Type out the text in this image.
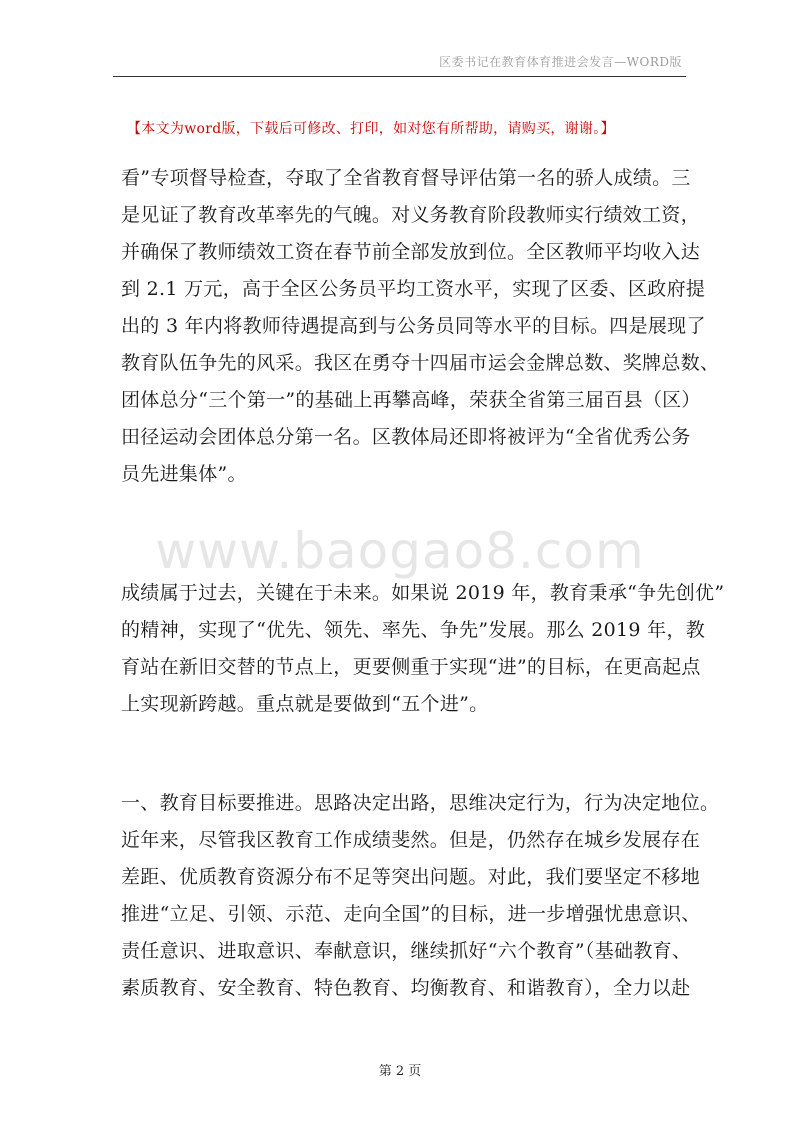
区委书记在教育体育推进会发言—WORD版
【本文为word版，下载后可修改、打印，如对您有所帮助，请购买，谢谢。】
看”专项督导检查，夺取了全省教育督导评估第一名的骄人成绩。三
是见证了教育改革率先的气魄。对义务教育阶段教师实行绩效工资，
并确保了教师绩效工资在春节前全部发放到位。全区教师平均收入达
到 2.1 万元，高于全区公务员平均工资水平，实现了区委、区政府提
出的 3 年内将教师待遇提高到与公务员同等水平的目标。四是展现了
教育队伍争先的风采。我区在勇夺十四届市运会金牌总数、奖牌总数、
团体总分“三个第一”的基础上再攀高峰，荣获全省第三届百县（区）
田径运动会团体总分第一名。区教体局还即将被评为“全省优秀公务
员先进集体”。
www.baogao8.com
成绩属于过去，关键在于未来。如果说 2019 年，教育秉承“争先创优”
的精神，实现了“优先、领先、率先、争先”发展。那么 2019 年，教
育站在新旧交替的节点上，更要侧重于实现“进”的目标，在更高起点
上实现新跨越。重点就是要做到“五个进”。
一、教育目标要推进。思路决定出路，思维决定行为，行为决定地位。
近年来，尽管我区教育工作成绩斐然。但是，仍然存在城乡发展存在
差距、优质教育资源分布不足等突出问题。对此，我们要坚定不移地
推进“立足、引领、示范、走向全国”的目标，进一步增强忧患意识、
责任意识、进取意识、奉献意识，继续抓好“六个教育”（基础教育、
素质教育、安全教育、特色教育、均衡教育、和谐教育），全力以赴
第 2 页
